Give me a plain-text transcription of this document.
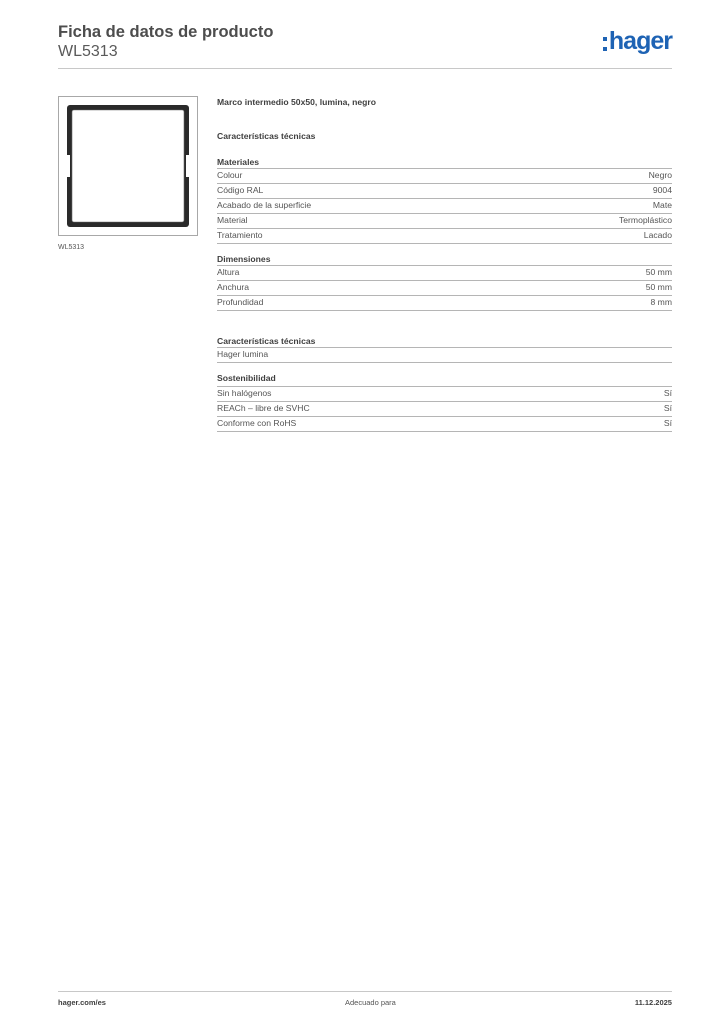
Ficha de datos de producto
WL5313	hager
WL5313
Marco intermedio 50x50, lumina, negro
Características técnicas
Materiales
Colour	Negro
Código RAL	9004
Acabado de la superficie	Mate
Material	Termoplástico
Tratamiento	Lacado
Dimensiones
Altura	50 mm
Anchura	50 mm
Profundidad	8 mm
Características técnicas
Hager lumina
Sostenibilidad
Sin halógenos	Sí
REACh – libre de SVHC	Sí
Conforme con RoHS	Sí
hager.com/es	Adecuado para	11.12.2025
